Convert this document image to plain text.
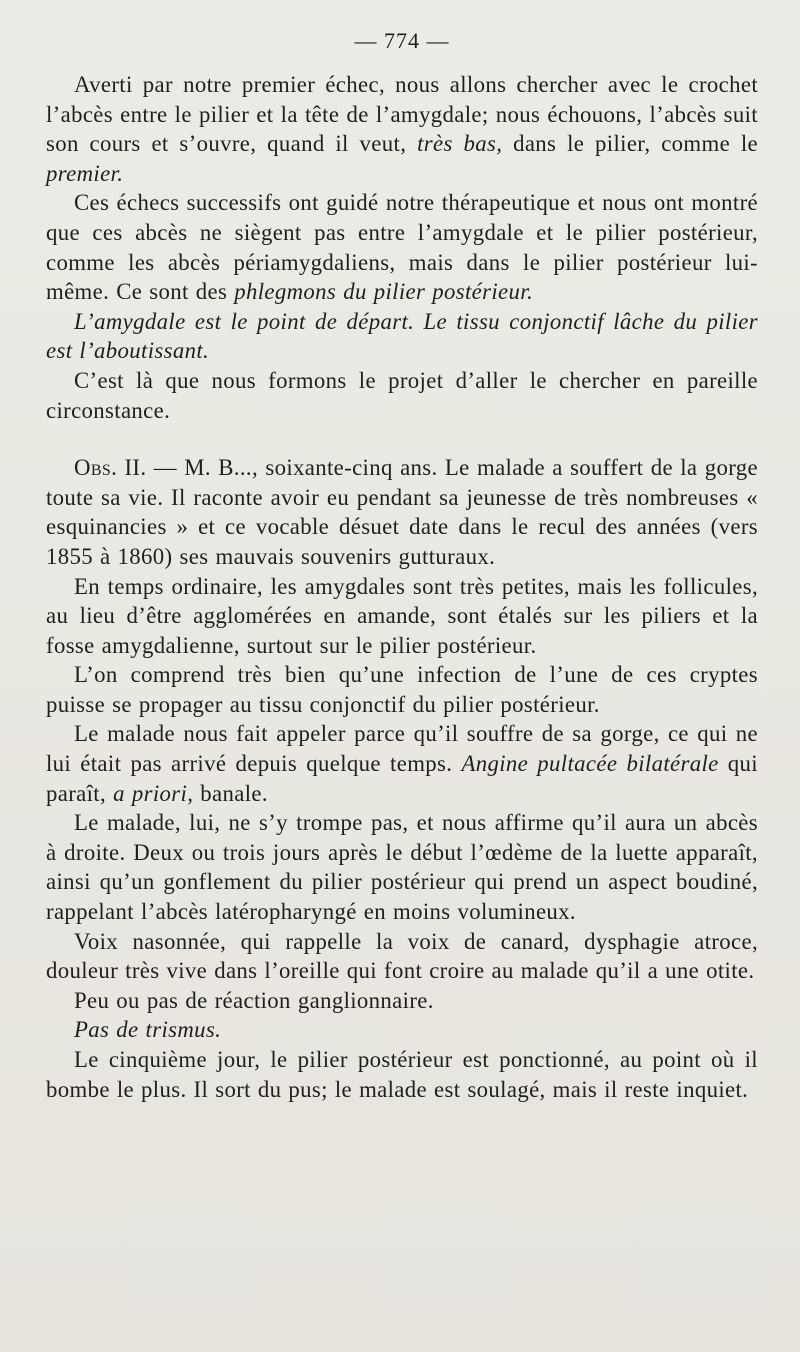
— 774 —

Averti par notre premier échec, nous allons chercher avec le crochet l’abcès entre le pilier et la tête de l’amygdale; nous échouons, l’abcès suit son cours et s’ouvre, quand il veut, très bas, dans le pilier, comme le premier.

Ces échecs successifs ont guidé notre thérapeutique et nous ont montré que ces abcès ne siègent pas entre l’amygdale et le pilier postérieur, comme les abcès périamygdaliens, mais dans le pilier postérieur lui-même. Ce sont des phlegmons du pilier postérieur.

L’amygdale est le point de départ. Le tissu conjonctif lâche du pilier est l’aboutissant.

C’est là que nous formons le projet d’aller le chercher en pareille circonstance.

Obs. II. — M. B..., soixante-cinq ans. Le malade a souffert de la gorge toute sa vie. Il raconte avoir eu pendant sa jeunesse de très nombreuses « esquinancies » et ce vocable désuet date dans le recul des années (vers 1855 à 1860) ses mauvais souvenirs gutturaux.

En temps ordinaire, les amygdales sont très petites, mais les follicules, au lieu d’être agglomérées en amande, sont étalés sur les piliers et la fosse amygdalienne, surtout sur le pilier postérieur.

L’on comprend très bien qu’une infection de l’une de ces cryptes puisse se propager au tissu conjonctif du pilier postérieur.

Le malade nous fait appeler parce qu’il souffre de sa gorge, ce qui ne lui était pas arrivé depuis quelque temps. Angine pultacée bilatérale qui paraît, a priori, banale.

Le malade, lui, ne s’y trompe pas, et nous affirme qu’il aura un abcès à droite. Deux ou trois jours après le début l’œdème de la luette apparaît, ainsi qu’un gonflement du pilier postérieur qui prend un aspect boudiné, rappelant l’abcès latéropharyngé en moins volumineux.

Voix nasonnée, qui rappelle la voix de canard, dysphagie atroce, douleur très vive dans l’oreille qui font croire au malade qu’il a une otite.

Peu ou pas de réaction ganglionnaire.

Pas de trismus.

Le cinquième jour, le pilier postérieur est ponctionné, au point où il bombe le plus. Il sort du pus; le malade est soulagé, mais il reste inquiet.
